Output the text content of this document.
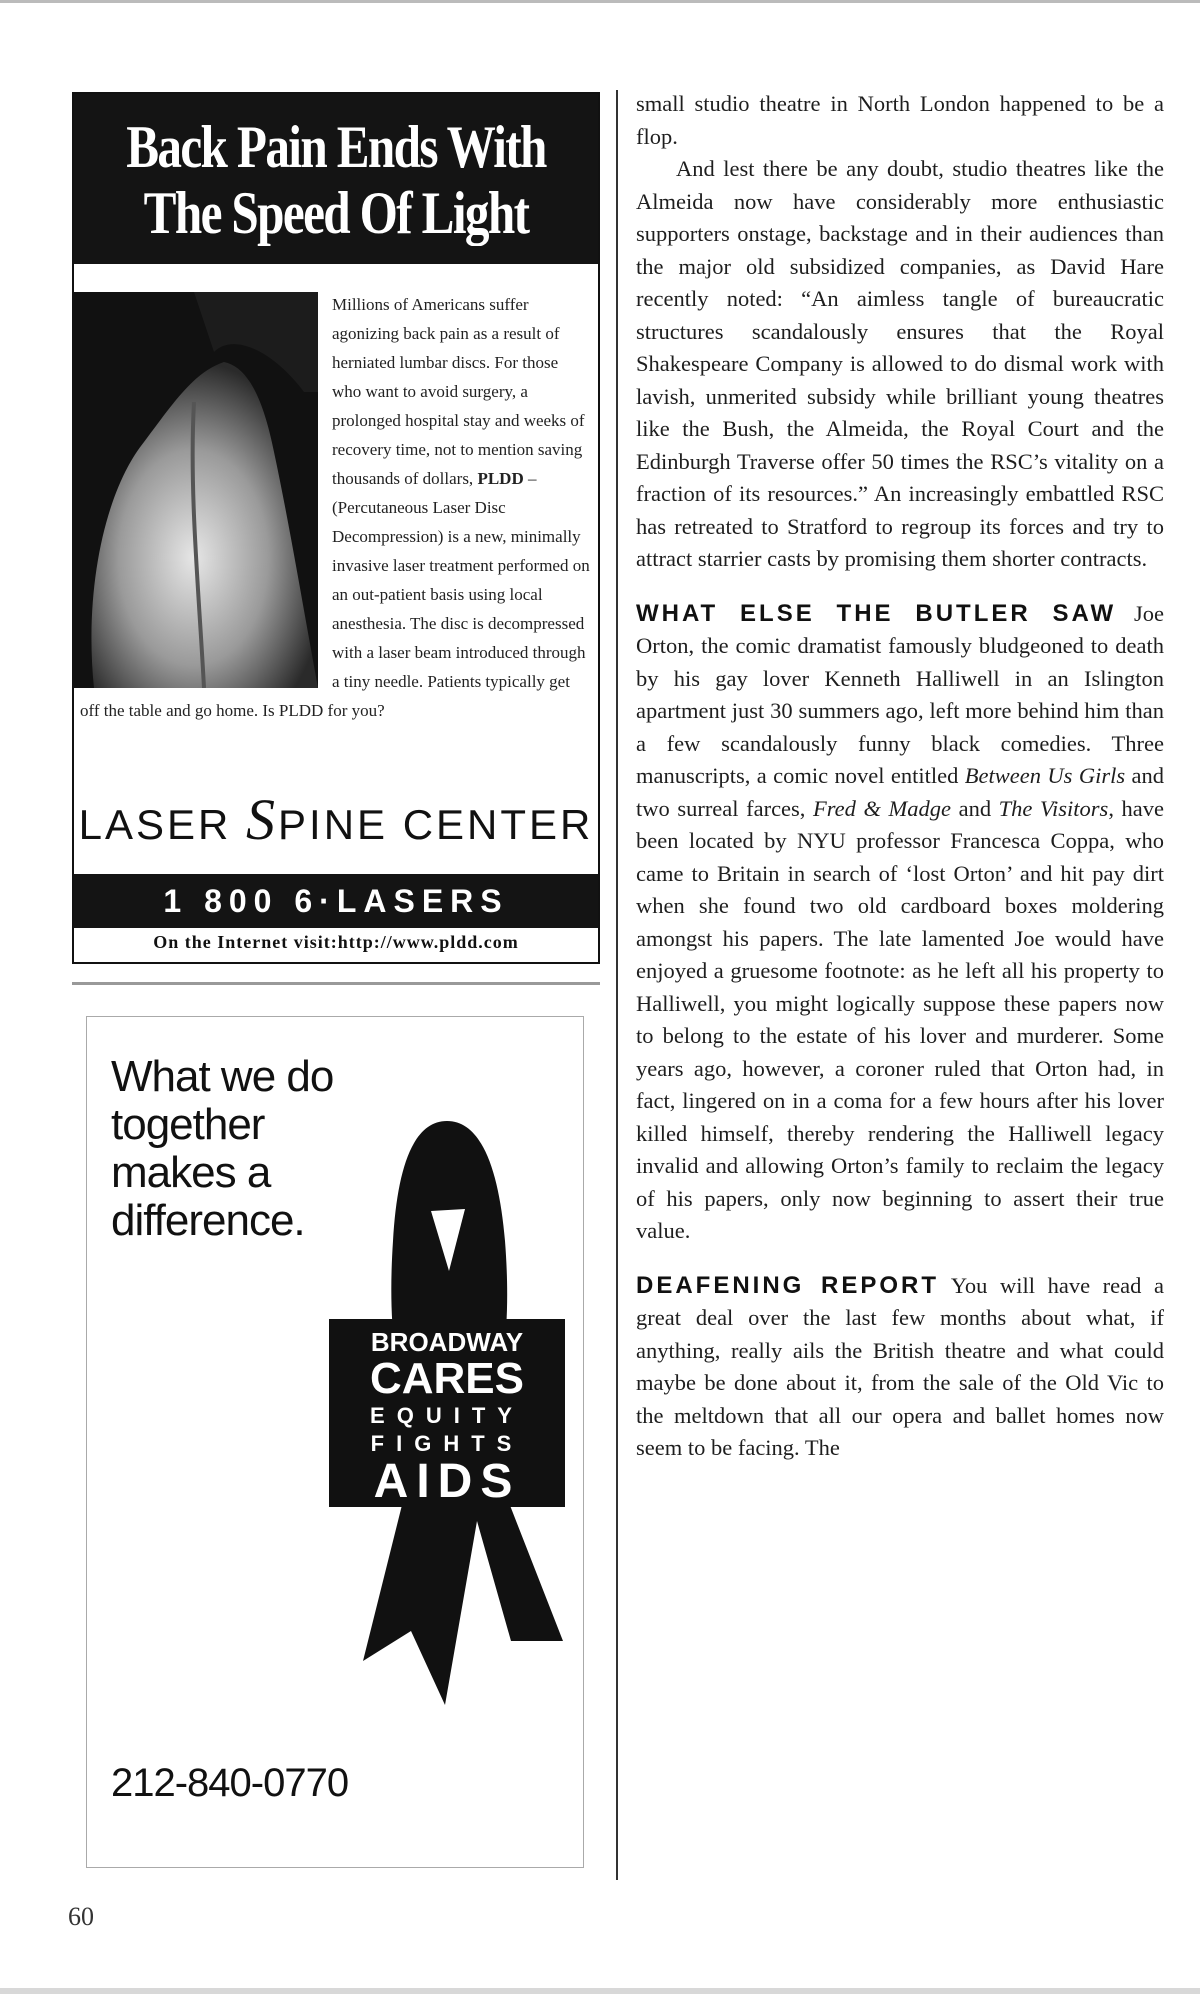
Back Pain Ends With
The Speed Of Light
Millions of Americans suffer agonizing back pain as a result of herniated lumbar discs. For those who want to avoid surgery, a prolonged hospital stay and weeks of recovery time, not to mention saving thousands of dollars, PLDD – (Percutaneous Laser Disc Decompression) is a new, minimally invasive laser treatment performed on an out-patient basis using local anesthesia. The disc is decompressed with a laser beam introduced through a tiny needle. Patients typically get off the table and go home. Is PLDD for you?
LASER SPINE CENTER
1 800 6·LASERS
On the Internet visit:http://www.pldd.com
What we do together makes a difference.
BROADWAY
CARES
EQUITY
FIGHTS
AIDS
212-840-0770

small studio theatre in North London happened to be a flop.

And lest there be any doubt, studio theatres like the Almeida now have considerably more enthusiastic supporters onstage, backstage and in their audiences than the major old subsidized companies, as David Hare recently noted: “An aimless tangle of bureaucratic structures scandalously ensures that the Royal Shakespeare Company is allowed to do dismal work with lavish, unmerited subsidy while brilliant young theatres like the Bush, the Almeida, the Royal Court and the Edinburgh Traverse offer 50 times the RSC’s vitality on a fraction of its resources.” An increasingly embattled RSC has retreated to Stratford to regroup its forces and try to attract starrier casts by promising them shorter contracts.

WHAT ELSE THE BUTLER SAW Joe Orton, the comic dramatist famously bludgeoned to death by his gay lover Kenneth Halliwell in an Islington apartment just 30 summers ago, left more behind him than a few scandalously funny black comedies. Three manuscripts, a comic novel entitled Between Us Girls and two surreal farces, Fred & Madge and The Visitors, have been located by NYU professor Francesca Coppa, who came to Britain in search of ‘lost Orton’ and hit pay dirt when she found two old cardboard boxes moldering amongst his papers. The late lamented Joe would have enjoyed a gruesome footnote: as he left all his property to Halliwell, you might logically suppose these papers now to belong to the estate of his lover and murderer. Some years ago, however, a coroner ruled that Orton had, in fact, lingered on in a coma for a few hours after his lover killed himself, thereby rendering the Halliwell legacy invalid and allowing Orton’s family to reclaim the legacy of his papers, only now beginning to assert their true value.

DEAFENING REPORT You will have read a great deal over the last few months about what, if anything, really ails the British theatre and what could maybe be done about it, from the sale of the Old Vic to the meltdown that all our opera and ballet homes now seem to be facing. The

60
